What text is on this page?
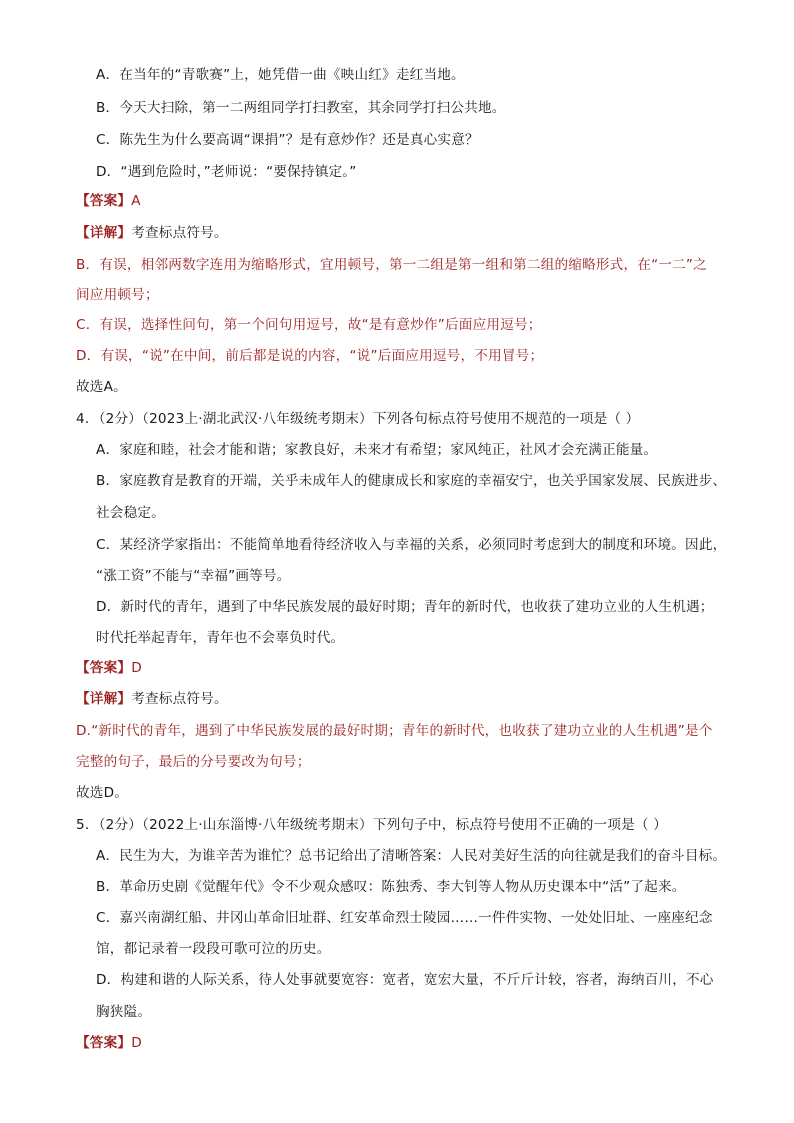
A．在当年的“青歌赛”上，她凭借一曲《映山红》走红当地。
B．今天大扫除，第一二两组同学打扫教室，其余同学打扫公共地。
C．陈先生为什么要高调“课捐”？是有意炒作？还是真心实意？
D．“遇到危险时，”老师说：“要保持镇定。”
【答案】A
【详解】考查标点符号。
B．有误，相邻两数字连用为缩略形式，宜用顿号，第一二组是第一组和第二组的缩略形式，在“一二”之
间应用顿号；
C．有误，选择性问句，第一个问句用逗号，故“是有意炒作”后面应用逗号；
D．有误，“说”在中间，前后都是说的内容，“说”后面应用逗号，不用冒号；
故选A。
4．（2分）（2023上·湖北武汉·八年级统考期末）下列各句标点符号使用不规范的一项是（ ）
A．家庭和睦，社会才能和谐；家教良好，未来才有希望；家风纯正，社风才会充满正能量。
B．家庭教育是教育的开端，关乎未成年人的健康成长和家庭的幸福安宁，也关乎国家发展、民族进步、
社会稳定。
C．某经济学家指出：不能简单地看待经济收入与幸福的关系，必须同时考虑到大的制度和环境。因此，
“涨工资”不能与“幸福”画等号。
D．新时代的青年，遇到了中华民族发展的最好时期；青年的新时代，也收获了建功立业的人生机遇；
时代托举起青年，青年也不会辜负时代。
【答案】D
【详解】考查标点符号。
D.“新时代的青年，遇到了中华民族发展的最好时期；青年的新时代，也收获了建功立业的人生机遇”是个
完整的句子，最后的分号要改为句号；
故选D。
5．（2分）（2022上·山东淄博·八年级统考期末）下列句子中，标点符号使用不正确的一项是（ ）
A．民生为大，为谁辛苦为谁忙？总书记给出了清晰答案：人民对美好生活的向往就是我们的奋斗目标。
B．革命历史剧《觉醒年代》令不少观众感叹：陈独秀、李大钊等人物从历史课本中“活”了起来。
C．嘉兴南湖红船、井冈山革命旧址群、红安革命烈士陵园……一件件实物、一处处旧址、一座座纪念
馆，都记录着一段段可歌可泣的历史。
D．构建和谐的人际关系，待人处事就要宽容：宽者，宽宏大量，不斤斤计较，容者，海纳百川，不心
胸狭隘。
【答案】D
